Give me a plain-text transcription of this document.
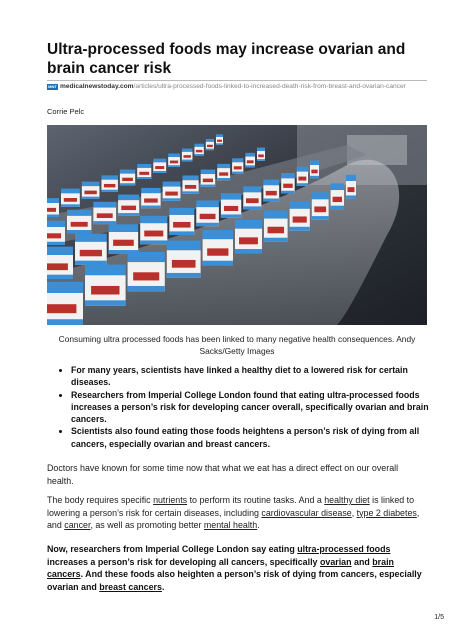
Ultra-processed foods may increase ovarian and brain cancer risk
MNT medicalnewstoday.com/articles/ultra-processed-foods-linked-to-increased-death-risk-from-breast-and-ovarian-cancer
Corrie Pelc
Consuming ultra processed foods has been linked to many negative health consequences. Andy Sacks/Getty Images
• For many years, scientists have linked a healthy diet to a lowered risk for certain diseases.
• Researchers from Imperial College London found that eating ultra-processed foods increases a person’s risk for developing cancer overall, specifically ovarian and brain cancers.
• Scientists also found eating those foods heightens a person’s risk of dying from all cancers, especially ovarian and breast cancers.

Doctors have known for some time now that what we eat has a direct effect on our overall health.

The body requires specific nutrients to perform its routine tasks. And a healthy diet is linked to lowering a person’s risk for certain diseases, including cardiovascular disease, type 2 diabetes, and cancer, as well as promoting better mental health.

Now, researchers from Imperial College London say eating ultra-processed foods increases a person’s risk for developing all cancers, specifically ovarian and brain cancers. And these foods also heighten a person’s risk of dying from cancers, especially ovarian and breast cancers.

1/5
